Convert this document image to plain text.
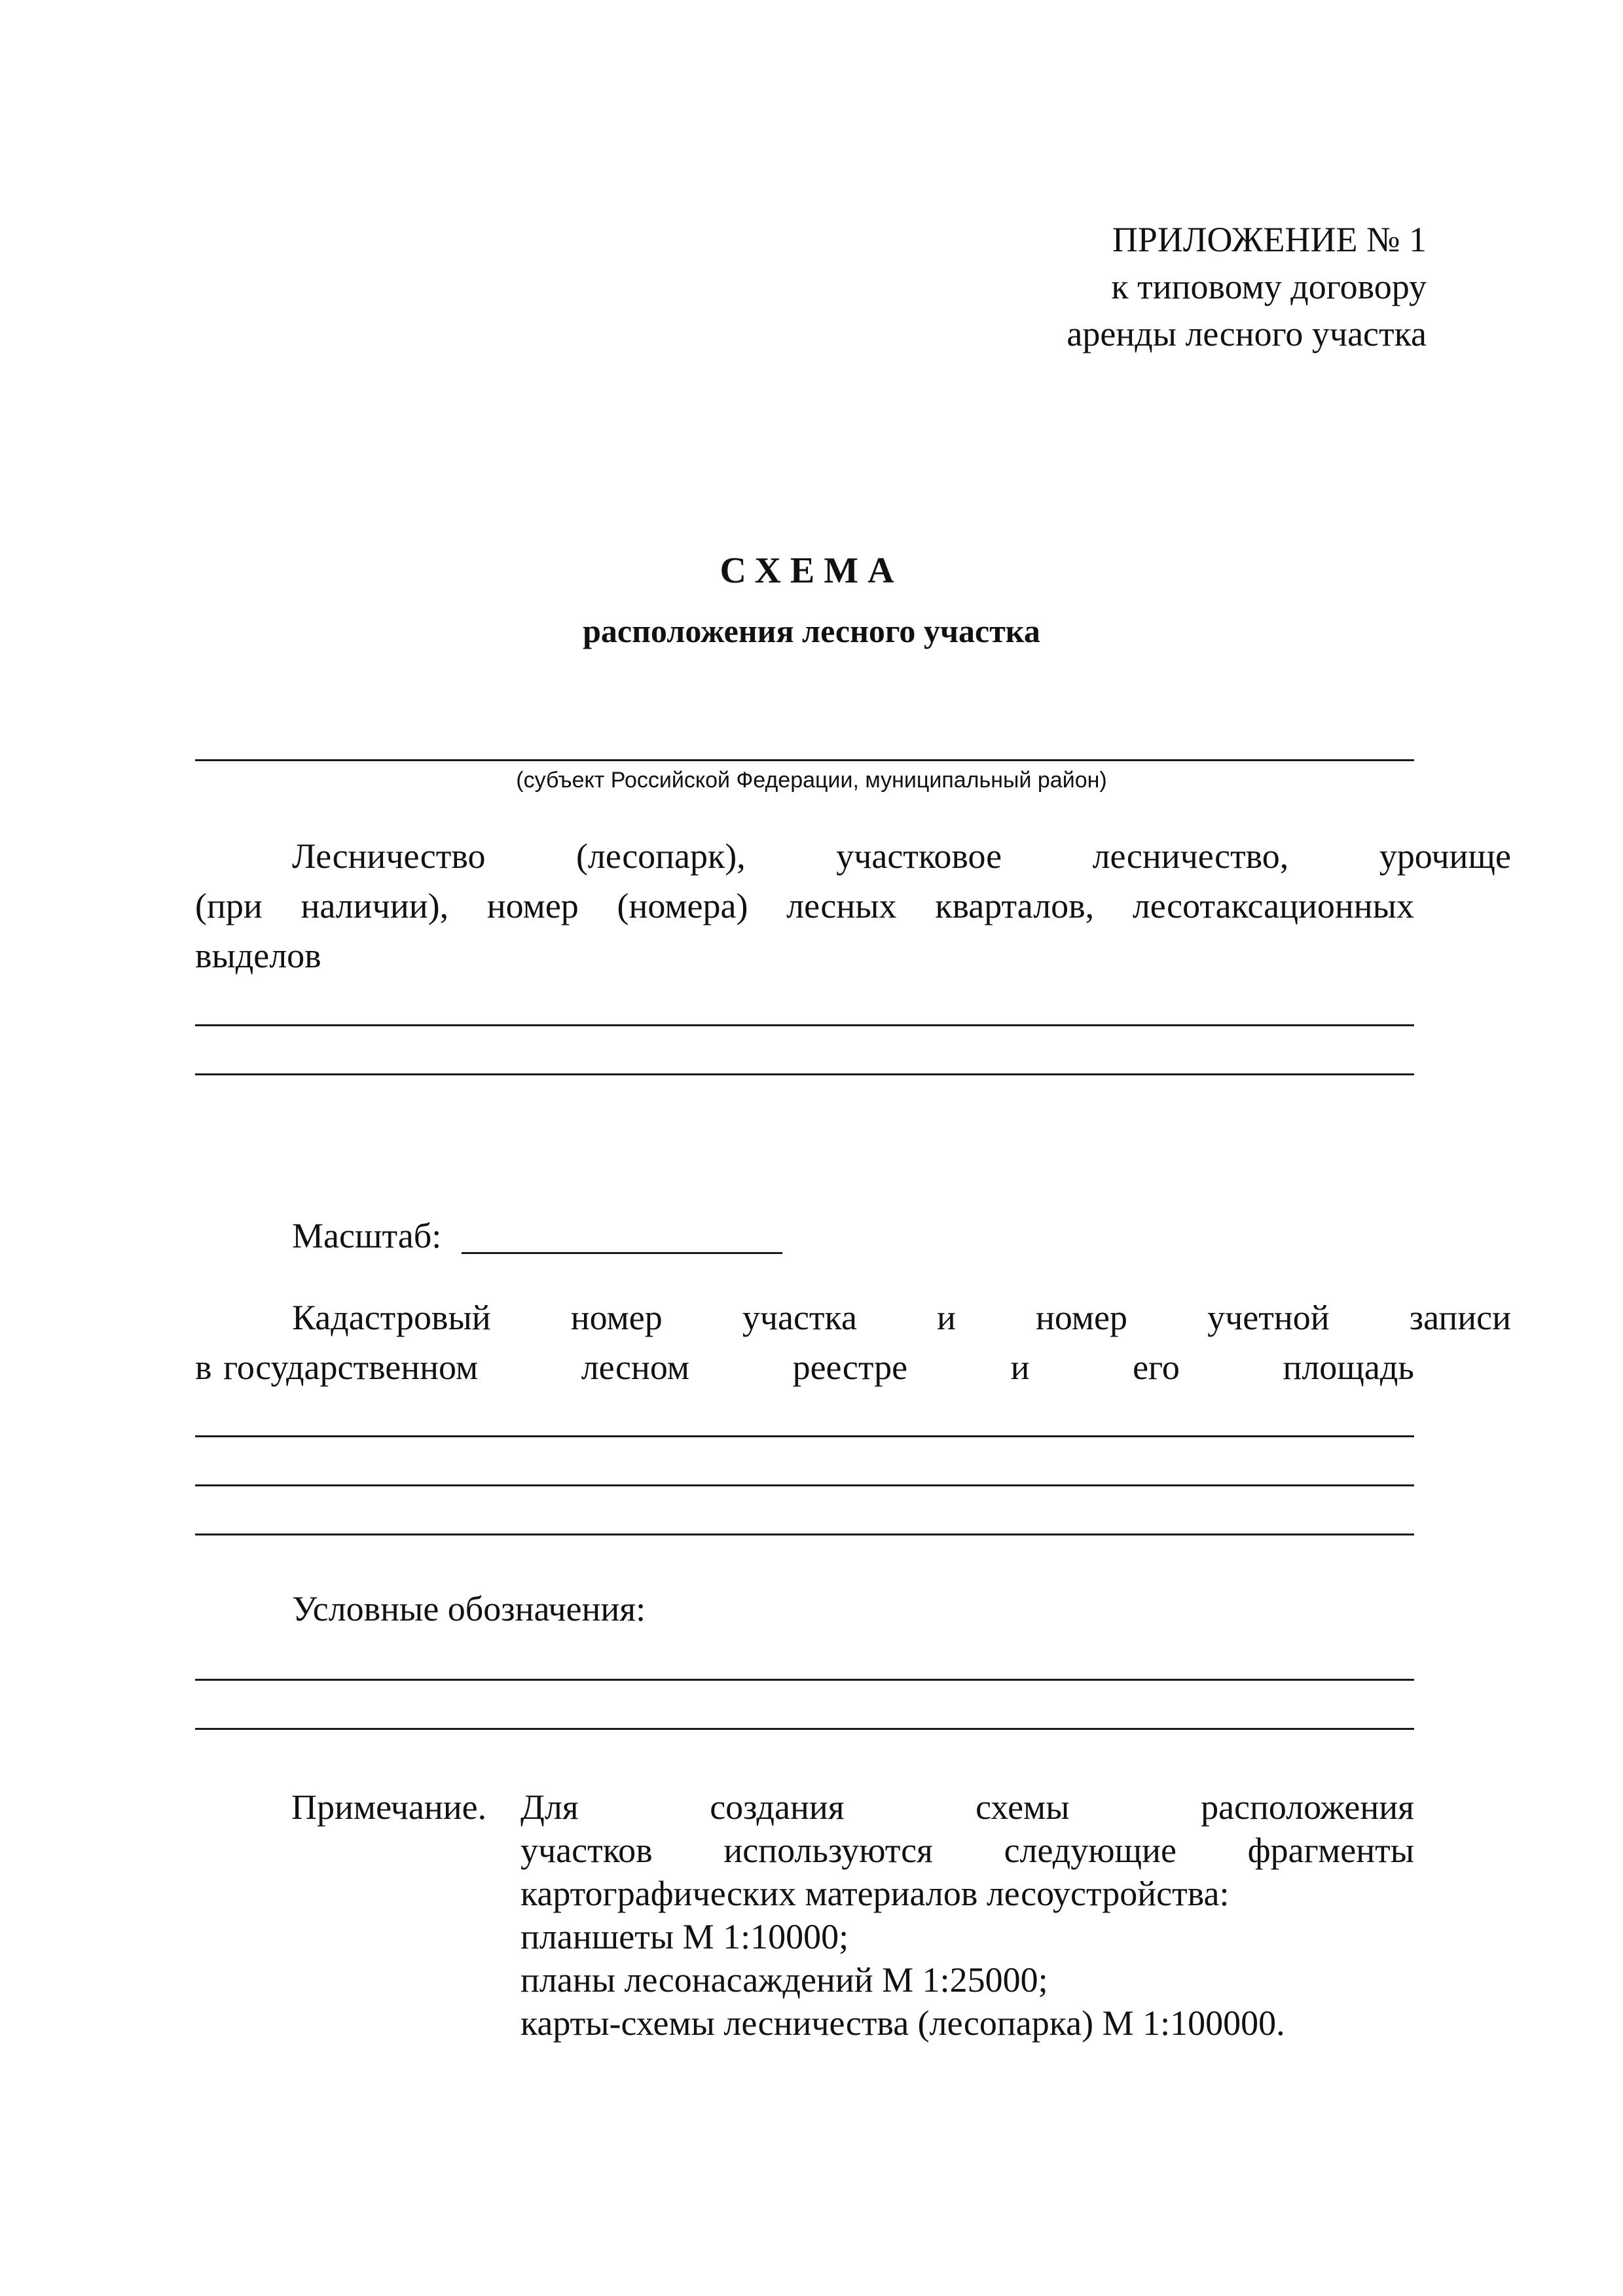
ПРИЛОЖЕНИЕ № 1
к типовому договору
аренды лесного участка
СХЕМА
расположения лесного участка
(субъект Российской Федерации, муниципальный район)
Лесничество	(лесопарк),	участковое	лесничество,	урочище
(при наличии), номер (номера) лесных кварталов, лесотаксационных
выделов
Масштаб:
Кадастровый номер участка и номер учетной записи
в государственном	лесном	реестре	и	его	площадь
Условные обозначения:
Примечание. Для	создания	схемы	расположения
участков используются следующие фрагменты
картографических материалов лесоустройства:
планшеты М 1:10000;
планы лесонасаждений М 1:25000;
карты-схемы лесничества (лесопарка) М 1:100000.
